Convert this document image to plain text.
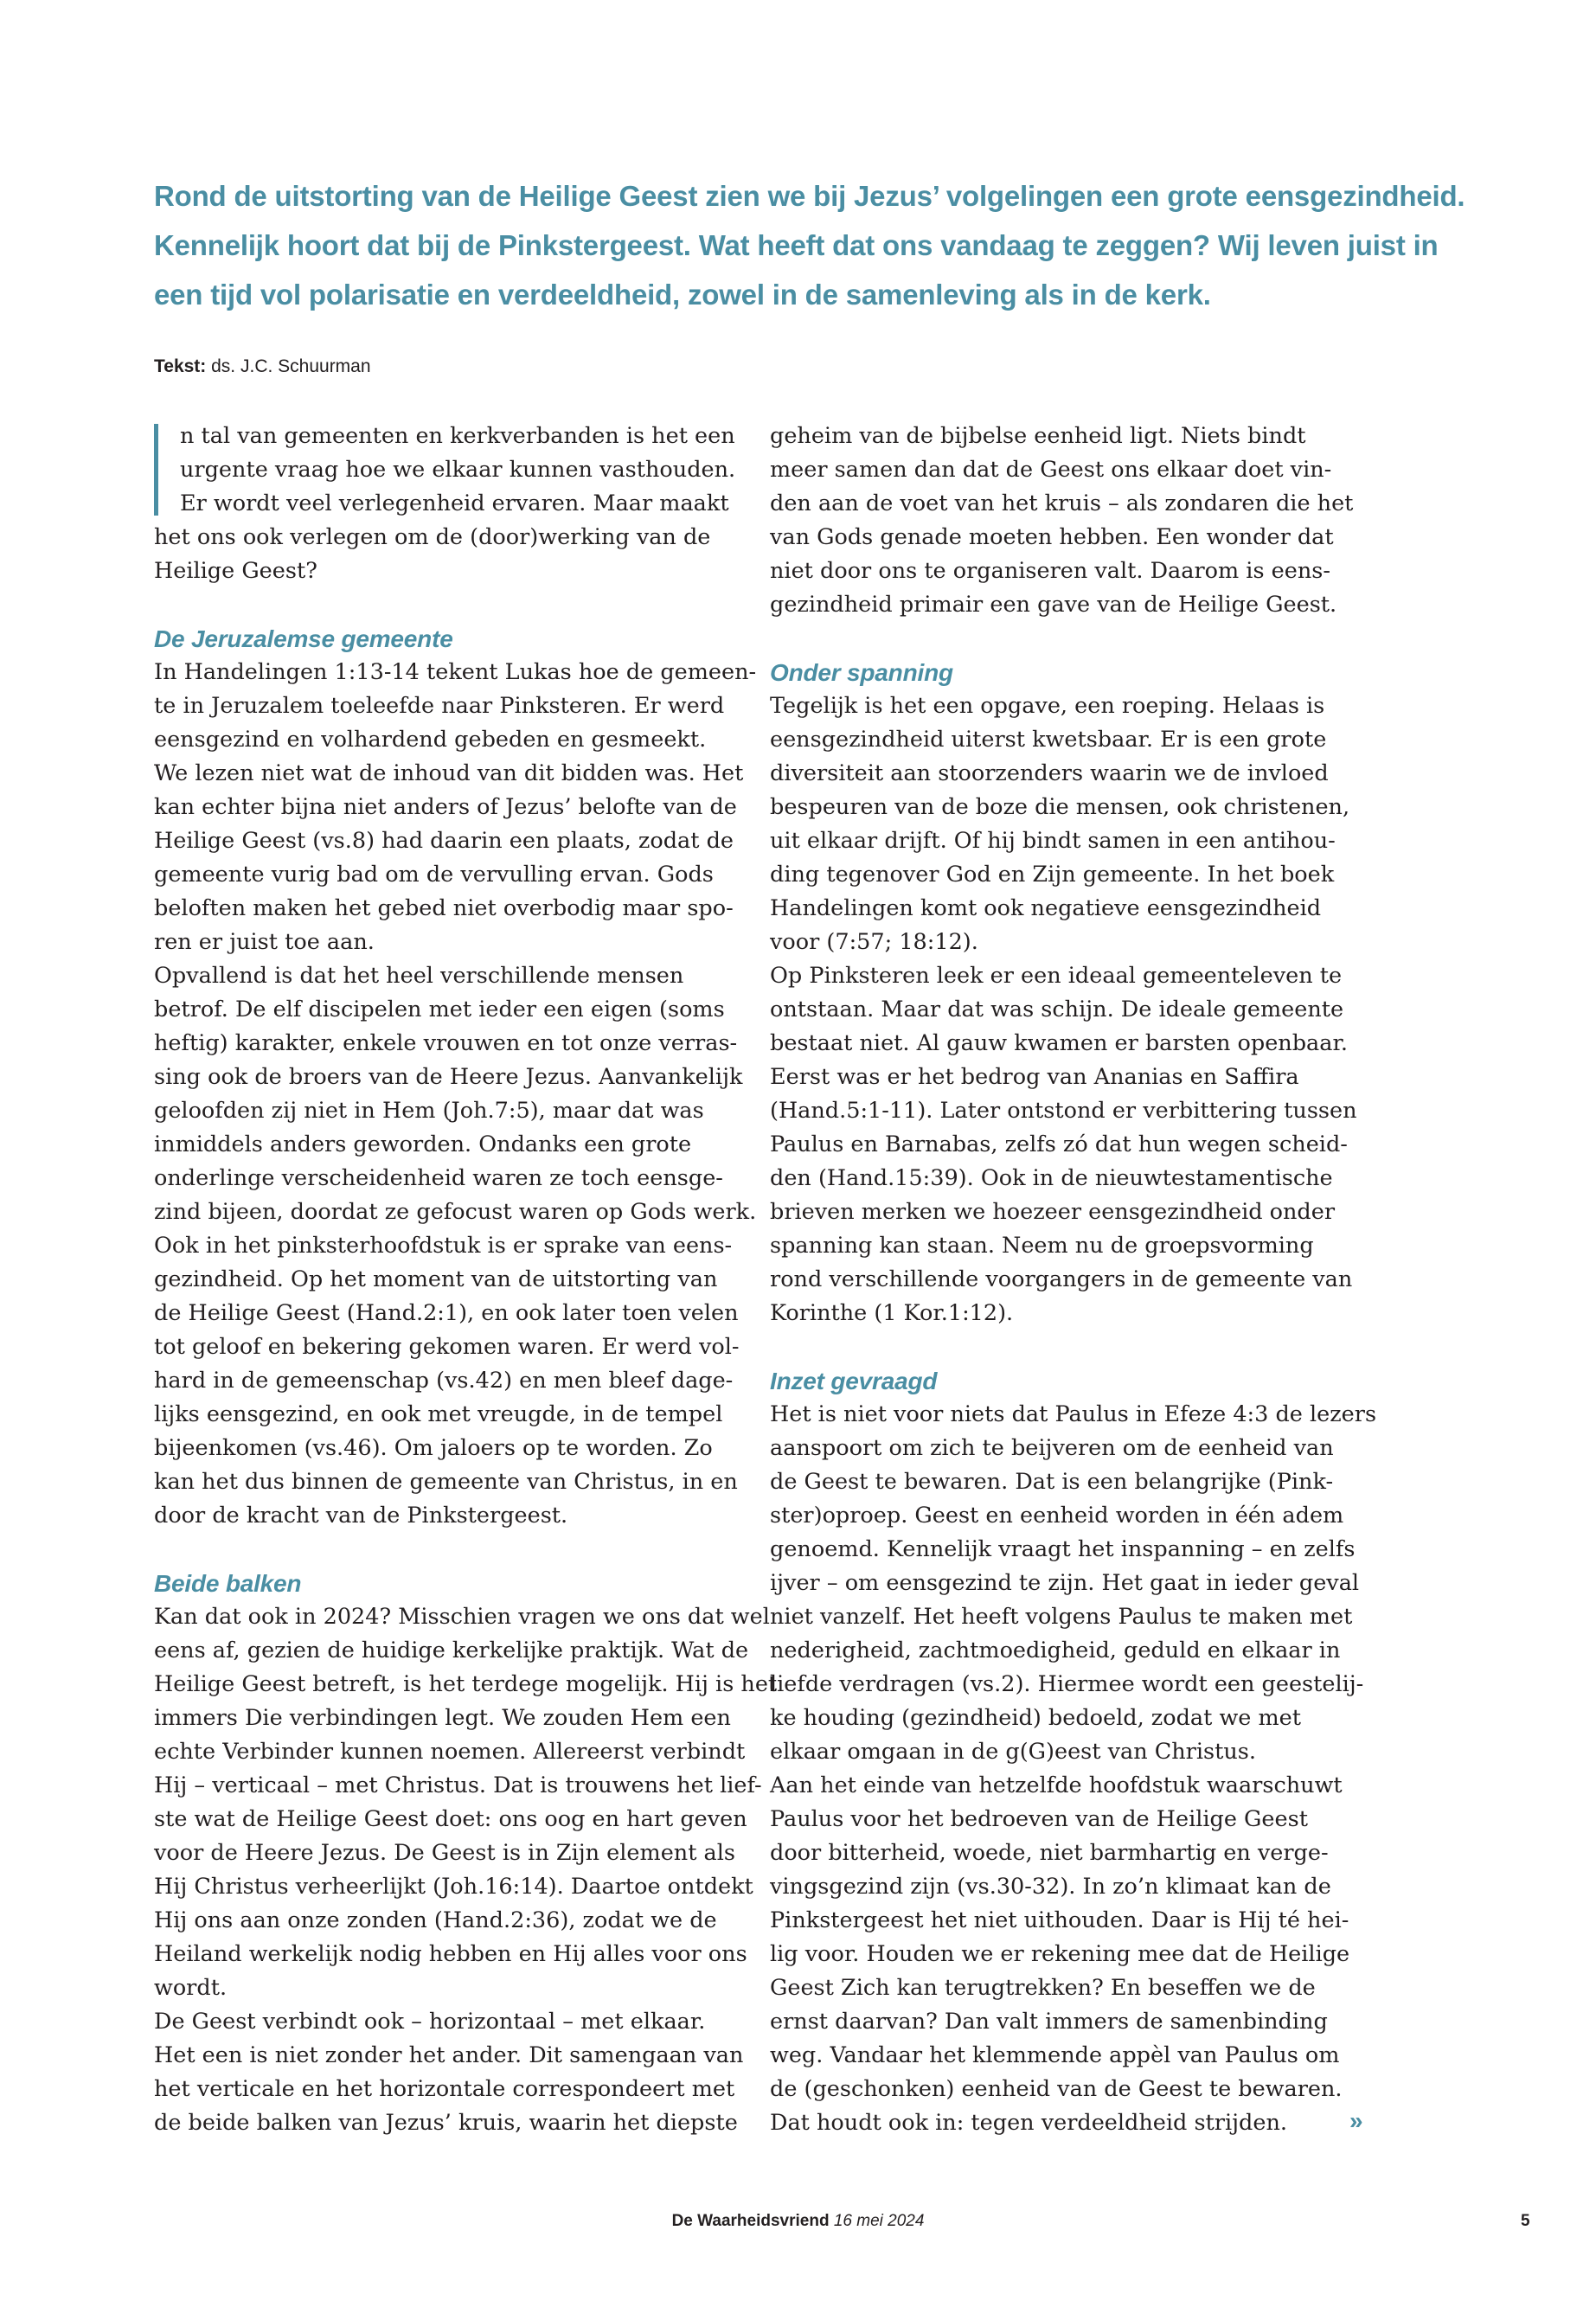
Rond de uitstorting van de Heilige Geest zien we bij Jezus’ volgelingen een grote eensgezindheid.
Kennelijk hoort dat bij de Pinkstergeest. Wat heeft dat ons vandaag te zeggen? Wij leven juist in
een tijd vol polarisatie en verdeeldheid, zowel in de samenleving als in de kerk.
Tekst: ds. J.C. Schuurman

n tal van gemeenten en kerkverbanden is het een
urgente vraag hoe we elkaar kunnen vasthouden.
Er wordt veel verlegenheid ervaren. Maar maakt
het ons ook verlegen om de (door)werking van de
Heilige Geest?

De Jeruzalemse gemeente

In Handelingen 1:13-14 tekent Lukas hoe de gemeen-
te in Jeruzalem toeleefde naar Pinksteren. Er werd
eensgezind en volhardend gebeden en gesmeekt.
We lezen niet wat de inhoud van dit bidden was. Het
kan echter bijna niet anders of Jezus’ belofte van de
Heilige Geest (vs.8) had daarin een plaats, zodat de
gemeente vurig bad om de vervulling ervan. Gods
beloften maken het gebed niet overbodig maar spo-
ren er juist toe aan.

Opvallend is dat het heel verschillende mensen
betrof. De elf discipelen met ieder een eigen (soms
heftig) karakter, enkele vrouwen en tot onze verras-
sing ook de broers van de Heere Jezus. Aanvankelijk
geloofden zij niet in Hem (Joh.7:5), maar dat was
inmiddels anders geworden. Ondanks een grote
onderlinge verscheidenheid waren ze toch eensge-
zind bijeen, doordat ze gefocust waren op Gods werk.
Ook in het pinksterhoofdstuk is er sprake van eens-
gezindheid. Op het moment van de uitstorting van
de Heilige Geest (Hand.2:1), en ook later toen velen
tot geloof en bekering gekomen waren. Er werd vol-
hard in de gemeenschap (vs.42) en men bleef dage-
lijks eensgezind, en ook met vreugde, in de tempel
bijeenkomen (vs.46). Om jaloers op te worden. Zo
kan het dus binnen de gemeente van Christus, in en
door de kracht van de Pinkstergeest.

Beide balken

Kan dat ook in 2024? Misschien vragen we ons dat wel
eens af, gezien de huidige kerkelijke praktijk. Wat de
Heilige Geest betreft, is het terdege mogelijk. Hij is het
immers Die verbindingen legt. We zouden Hem een
echte Verbinder kunnen noemen. Allereerst verbindt
Hij – verticaal – met Christus. Dat is trouwens het lief-
ste wat de Heilige Geest doet: ons oog en hart geven
voor de Heere Jezus. De Geest is in Zijn element als
Hij Christus verheerlijkt (Joh.16:14). Daartoe ontdekt
Hij ons aan onze zonden (Hand.2:36), zodat we de
Heiland werkelijk nodig hebben en Hij alles voor ons
wordt.

De Geest verbindt ook – horizontaal – met elkaar.
Het een is niet zonder het ander. Dit samengaan van
het verticale en het horizontale correspondeert met
de beide balken van Jezus’ kruis, waarin het diepste

geheim van de bijbelse eenheid ligt. Niets bindt
meer samen dan dat de Geest ons elkaar doet vin-
den aan de voet van het kruis – als zondaren die het
van Gods genade moeten hebben. Een wonder dat
niet door ons te organiseren valt. Daarom is eens-
gezindheid primair een gave van de Heilige Geest.

Onder spanning

Tegelijk is het een opgave, een roeping. Helaas is
eensgezindheid uiterst kwetsbaar. Er is een grote
diversiteit aan stoorzenders waarin we de invloed
bespeuren van de boze die mensen, ook christenen,
uit elkaar drijft. Of hij bindt samen in een antihou-
ding tegenover God en Zijn gemeente. In het boek
Handelingen komt ook negatieve eensgezindheid
voor (7:57; 18:12).

Op Pinksteren leek er een ideaal gemeenteleven te
ontstaan. Maar dat was schijn. De ideale gemeente
bestaat niet. Al gauw kwamen er barsten openbaar.
Eerst was er het bedrog van Ananias en Saffira
(Hand.5:1-11). Later ontstond er verbittering tussen
Paulus en Barnabas, zelfs zó dat hun wegen scheid-
den (Hand.15:39). Ook in de nieuwtestamentische
brieven merken we hoezeer eensgezindheid onder
spanning kan staan. Neem nu de groepsvorming
rond verschillende voorgangers in de gemeente van
Korinthe (1 Kor.1:12).

Inzet gevraagd

Het is niet voor niets dat Paulus in Efeze 4:3 de lezers
aanspoort om zich te beijveren om de eenheid van
de Geest te bewaren. Dat is een belangrijke (Pink-
ster)oproep. Geest en eenheid worden in één adem
genoemd. Kennelijk vraagt het inspanning – en zelfs
ijver – om eensgezind te zijn. Het gaat in ieder geval
niet vanzelf. Het heeft volgens Paulus te maken met
nederigheid, zachtmoedigheid, geduld en elkaar in
liefde verdragen (vs.2). Hiermee wordt een geestelij-
ke houding (gezindheid) bedoeld, zodat we met
elkaar omgaan in de g(G)eest van Christus.

Aan het einde van hetzelfde hoofdstuk waarschuwt
Paulus voor het bedroeven van de Heilige Geest
door bitterheid, woede, niet barmhartig en verge-
vingsgezind zijn (vs.30-32). In zo’n klimaat kan de
Pinkstergeest het niet uithouden. Daar is Hij té hei-
lig voor. Houden we er rekening mee dat de Heilige
Geest Zich kan terugtrekken? En beseffen we de
ernst daarvan? Dan valt immers de samenbinding
weg. Vandaar het klemmende appèl van Paulus om
de (geschonken) eenheid van de Geest te bewaren.
Dat houdt ook in: tegen verdeeldheid strijden.	»
De Waarheidsvriend 16 mei 2024	5
